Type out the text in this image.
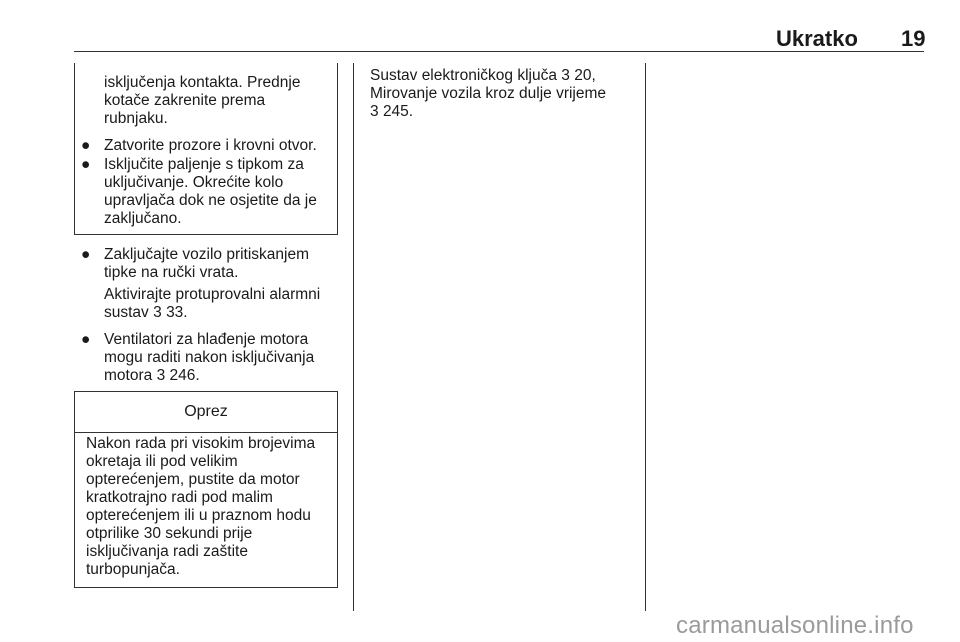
Ukratko 19
isključenja kontakta. Prednje
kotače zakrenite prema
rubnjaku.
● Zatvorite prozore i krovni otvor.
● Isključite paljenje s tipkom za
uključivanje. Okrećite kolo
upravljača dok ne osjetite da je
zaključano.
● Zaključajte vozilo pritiskanjem
tipke na ručki vrata.
Aktivirajte protuprovalni alarmni
sustav 3 33.
● Ventilatori za hlađenje motora
mogu raditi nakon isključivanja
motora 3 246.
Oprez
Nakon rada pri visokim brojevima
okretaja ili pod velikim
opterećenjem, pustite da motor
kratkotrajno radi pod malim
opterećenjem ili u praznom hodu
otprilike 30 sekundi prije
isključivanja radi zaštite
turbopunjača.
Sustav elektroničkog ključa 3 20,
Mirovanje vozila kroz dulje vrijeme
3 245.
carmanualsonline.info
